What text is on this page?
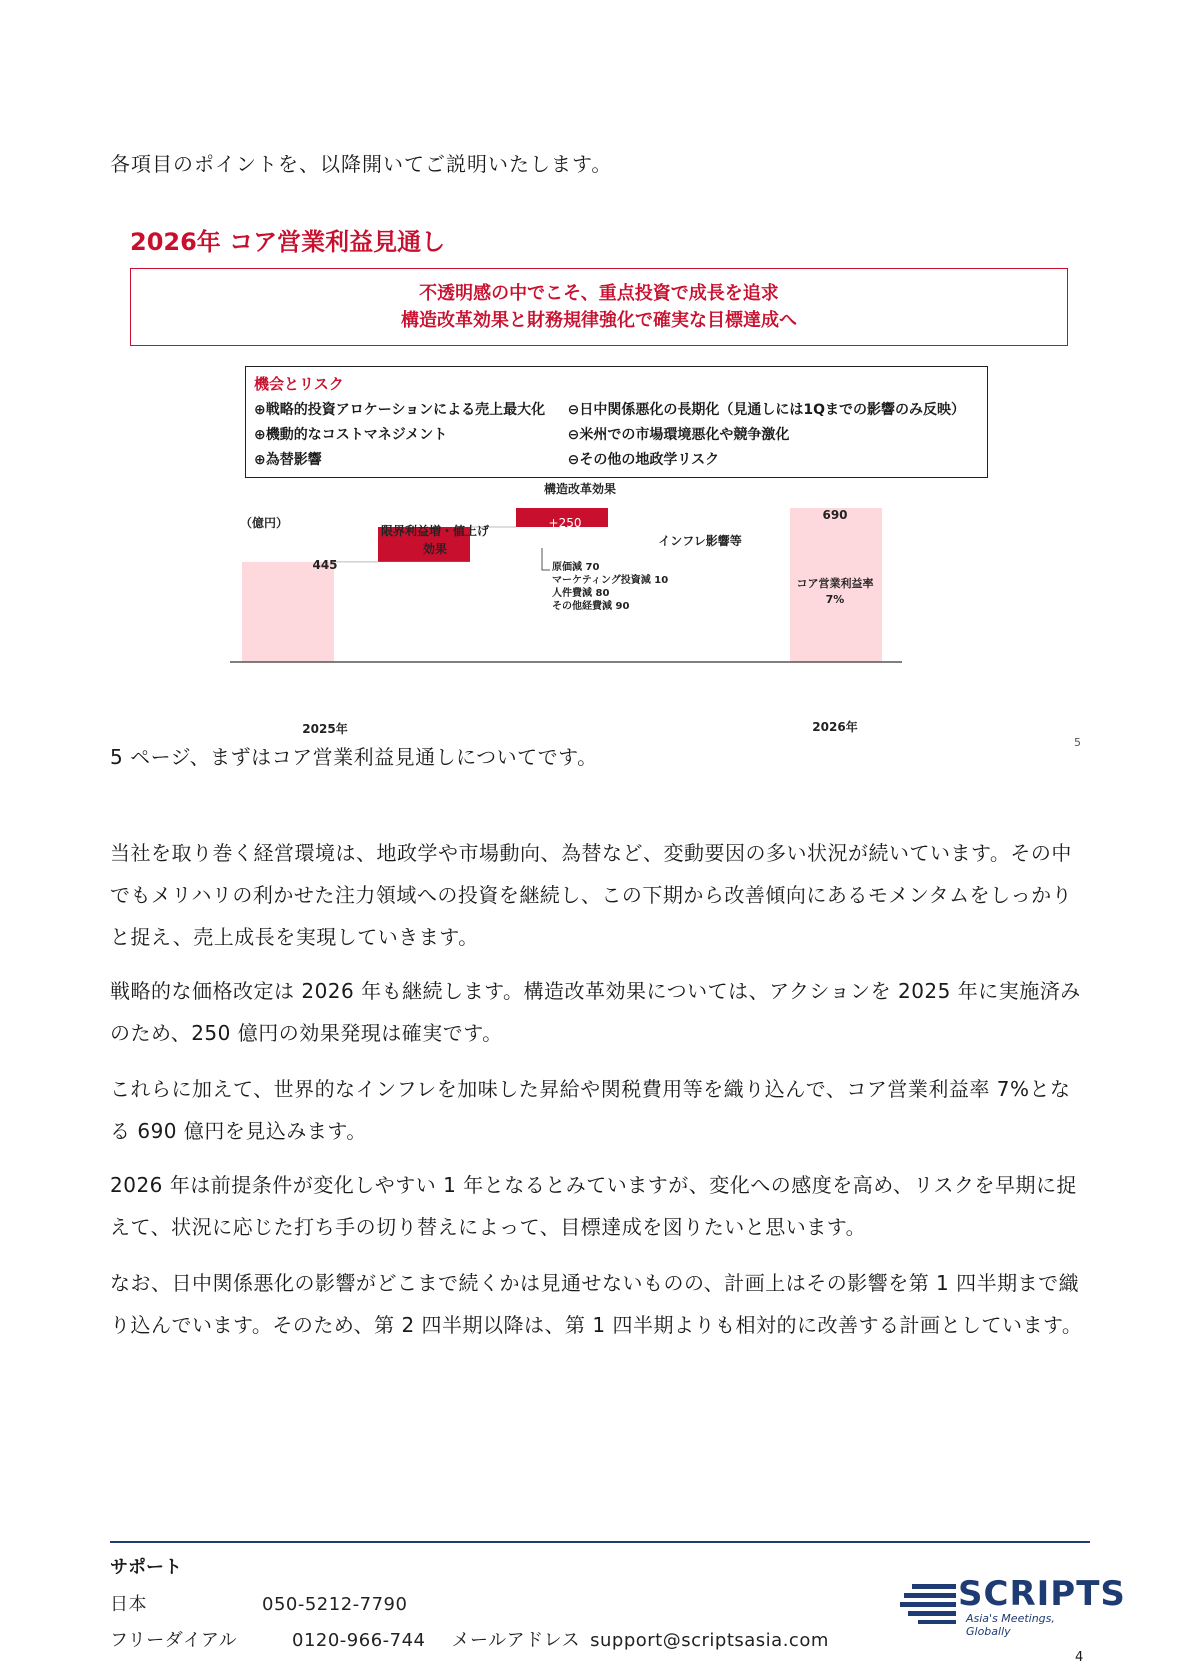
各項目のポイントを、以降開いてご説明いたします。
2026年 コア営業利益見通し
不透明感の中でこそ、重点投資で成長を追求
構造改革効果と財務規律強化で確実な目標達成へ
機会とリスク
⊕戦略的投資アロケーションによる売上最大化
⊕機動的なコストマネジメント
⊕為替影響
⊖日中関係悪化の長期化（見通しには1Qまでの影響のみ反映）
⊖米州での市場環境悪化や競争激化
⊖その他の地政学リスク
（億円）
2025年
限界利益増・値上げ効果
構造改革効果
インフレ影響等
2026年
445
+250
690
原価減 70
マーケティング投資減 10
人件費減 80
その他経費減 90
コア営業利益率
7%
5
5 ページ、まずはコア営業利益見通しについてです。
当社を取り巻く経営環境は、地政学や市場動向、為替など、変動要因の多い状況が続いています。その中でもメリハリの利かせた注力領域への投資を継続し、この下期から改善傾向にあるモメンタムをしっかりと捉え、売上成長を実現していきます。
戦略的な価格改定は 2026 年も継続します。構造改革効果については、アクションを 2025 年に実施済みのため、250 億円の効果発現は確実です。
これらに加えて、世界的なインフレを加味した昇給や関税費用等を織り込んで、コア営業利益率 7%となる 690 億円を見込みます。
2026 年は前提条件が変化しやすい 1 年となるとみていますが、変化への感度を高め、リスクを早期に捉えて、状況に応じた打ち手の切り替えによって、目標達成を図りたいと思います。
なお、日中関係悪化の影響がどこまで続くかは見通せないものの、計画上はその影響を第 1 四半期まで織り込んでいます。そのため、第 2 四半期以降は、第 1 四半期よりも相対的に改善する計画としています。
サポート
日本	050-5212-7790
フリーダイアル	0120-966-744 メールアドレス support@scriptsasia.com
SCRIPTS
Asia's Meetings, Globally
4
